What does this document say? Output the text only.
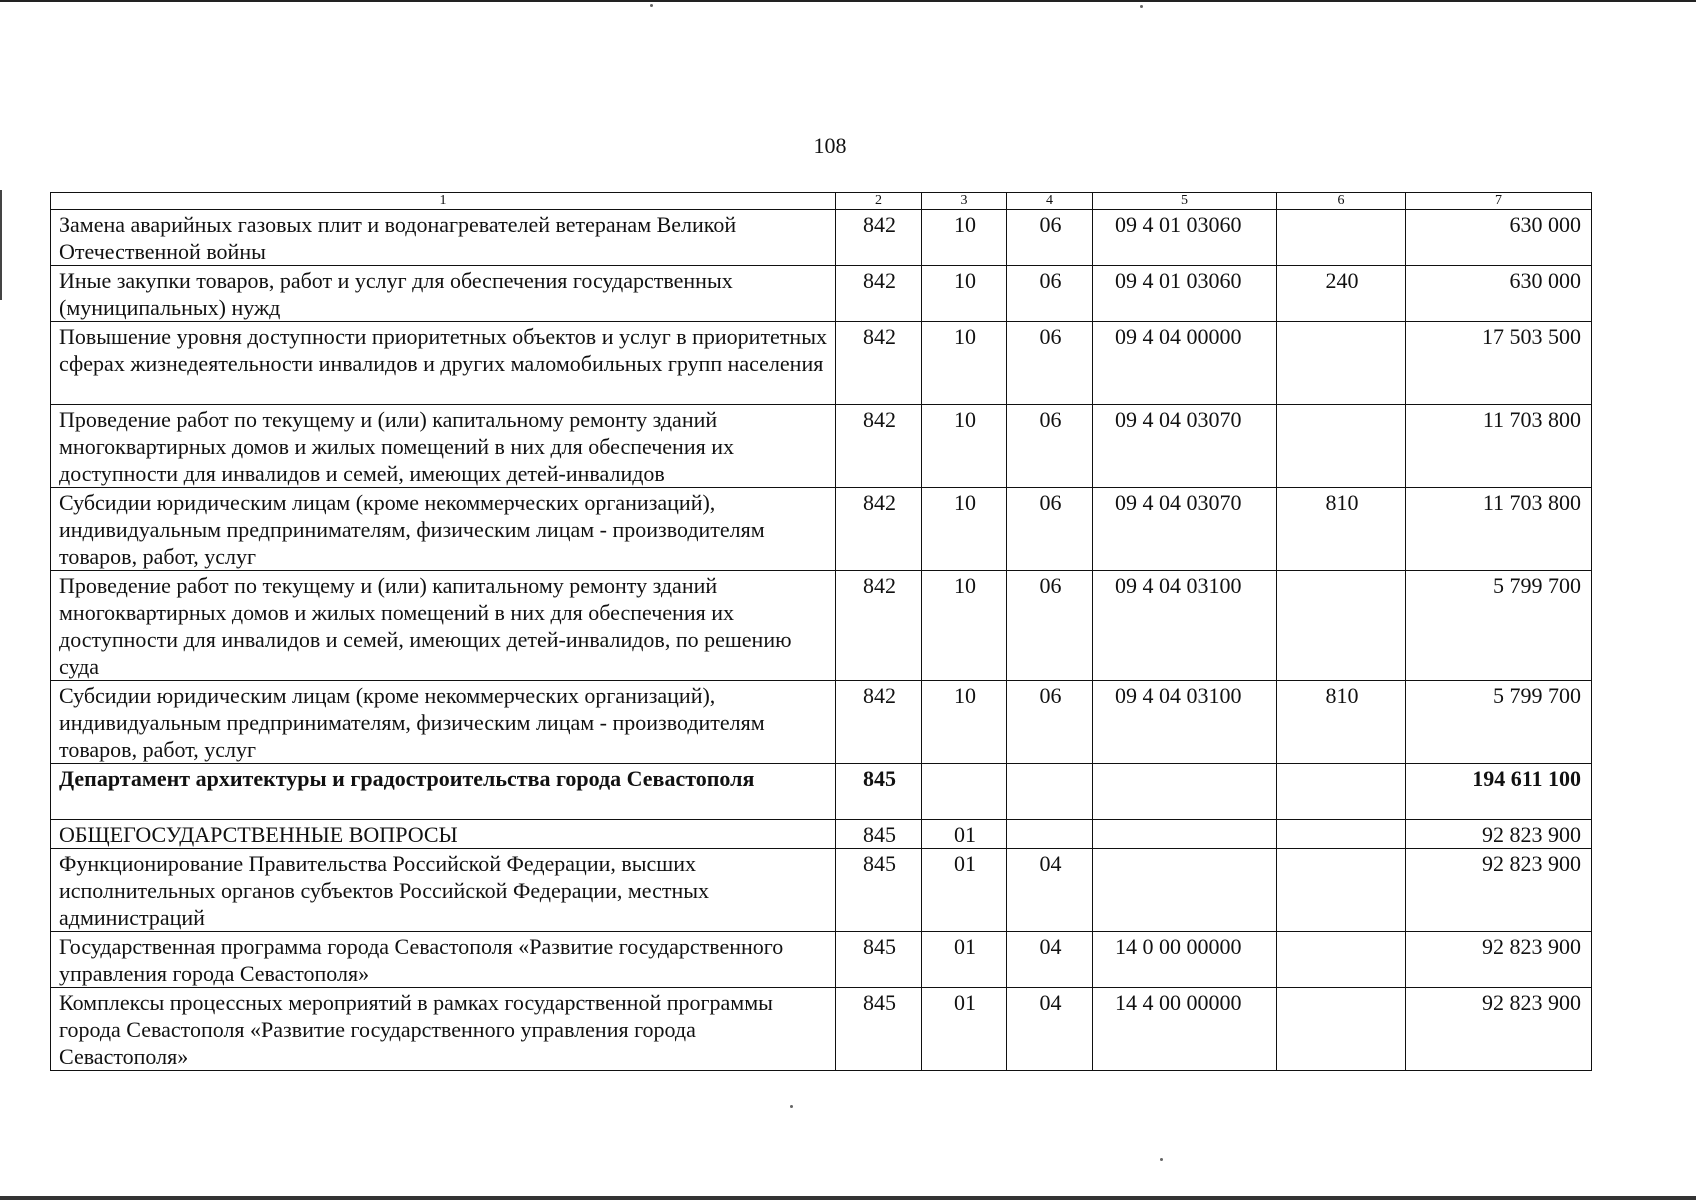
108
1	2	3	4	5	6	7
Замена аварийных газовых плит и водонагревателей ветеранам Великой Отечественной войны	842	10	06	09 4 01 03060		630 000
Иные закупки товаров, работ и услуг для обеспечения государственных (муниципальных) нужд	842	10	06	09 4 01 03060	240	630 000
Повышение уровня доступности приоритетных объектов и услуг в приоритетных сферах жизнедеятельности инвалидов и других маломобильных групп населения	842	10	06	09 4 04 00000		17 503 500
Проведение работ по текущему и (или) капитальному ремонту зданий многоквартирных домов и жилых помещений в них для обеспечения их доступности для инвалидов и семей, имеющих детей-инвалидов	842	10	06	09 4 04 03070		11 703 800
Субсидии юридическим лицам (кроме некоммерческих организаций), индивидуальным предпринимателям, физическим лицам - производителям товаров, работ, услуг	842	10	06	09 4 04 03070	810	11 703 800
Проведение работ по текущему и (или) капитальному ремонту зданий многоквартирных домов и жилых помещений в них для обеспечения их доступности для инвалидов и семей, имеющих детей-инвалидов, по решению суда	842	10	06	09 4 04 03100		5 799 700
Субсидии юридическим лицам (кроме некоммерческих организаций), индивидуальным предпринимателям, физическим лицам - производителям товаров, работ, услуг	842	10	06	09 4 04 03100	810	5 799 700
Департамент архитектуры и градостроительства города Севастополя	845					194 611 100
ОБЩЕГОСУДАРСТВЕННЫЕ ВОПРОСЫ	845	01				92 823 900
Функционирование Правительства Российской Федерации, высших исполнительных органов субъектов Российской Федерации, местных администраций	845	01	04			92 823 900
Государственная программа города Севастополя «Развитие государственного управления города Севастополя»	845	01	04	14 0 00 00000		92 823 900
Комплексы процессных мероприятий в рамках государственной программы города Севастополя «Развитие государственного управления города Севастополя»	845	01	04	14 4 00 00000		92 823 900
